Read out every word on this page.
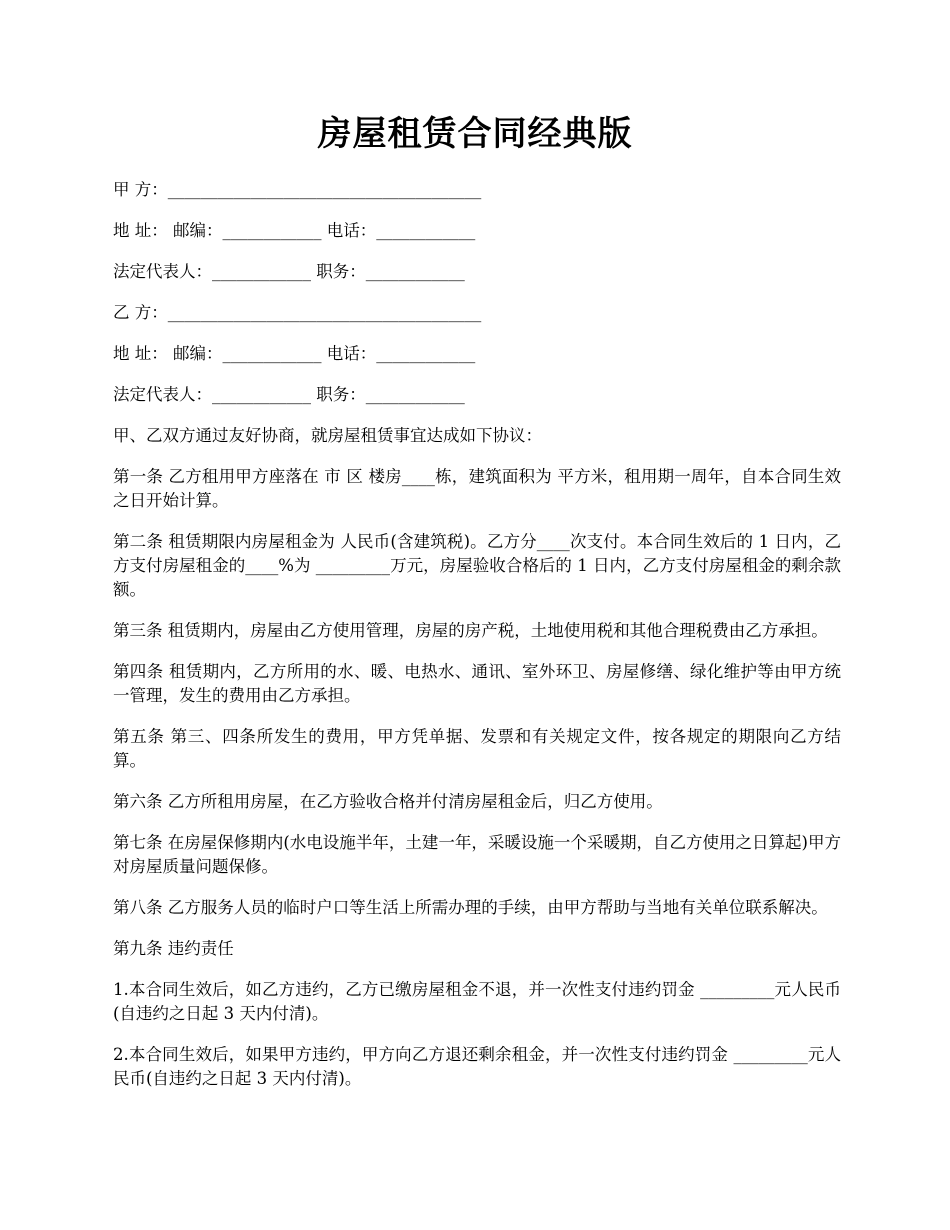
房屋租赁合同经典版

甲 方：______________________________________

地 址： 邮编：____________ 电话：____________

法定代表人：____________ 职务：____________

乙 方：______________________________________

地 址： 邮编：____________ 电话：____________

法定代表人：____________ 职务：____________

甲、乙双方通过友好协商，就房屋租赁事宜达成如下协议：

第一条 乙方租用甲方座落在 市 区 楼房____栋，建筑面积为 平方米，租用期一周年，自本合同生效之日开始计算。

第二条 租赁期限内房屋租金为 人民币(含建筑税)。乙方分____次支付。本合同生效后的 1 日内，乙方支付房屋租金的____%为 _________万元，房屋验收合格后的 1 日内，乙方支付房屋租金的剩余款额。

第三条 租赁期内，房屋由乙方使用管理，房屋的房产税，土地使用税和其他合理税费由乙方承担。

第四条 租赁期内，乙方所用的水、暖、电热水、通讯、室外环卫、房屋修缮、绿化维护等由甲方统一管理，发生的费用由乙方承担。

第五条 第三、四条所发生的费用，甲方凭单据、发票和有关规定文件，按各规定的期限向乙方结算。

第六条 乙方所租用房屋，在乙方验收合格并付清房屋租金后，归乙方使用。

第七条 在房屋保修期内(水电设施半年，土建一年，采暖设施一个采暖期，自乙方使用之日算起)甲方对房屋质量问题保修。

第八条 乙方服务人员的临时户口等生活上所需办理的手续，由甲方帮助与当地有关单位联系解决。

第九条 违约责任

1.本合同生效后，如乙方违约，乙方已缴房屋租金不退，并一次性支付违约罚金 _________元人民币(自违约之日起 3 天内付清)。

2.本合同生效后，如果甲方违约，甲方向乙方退还剩余租金，并一次性支付违约罚金 _________元人民币(自违约之日起 3 天内付清)。
